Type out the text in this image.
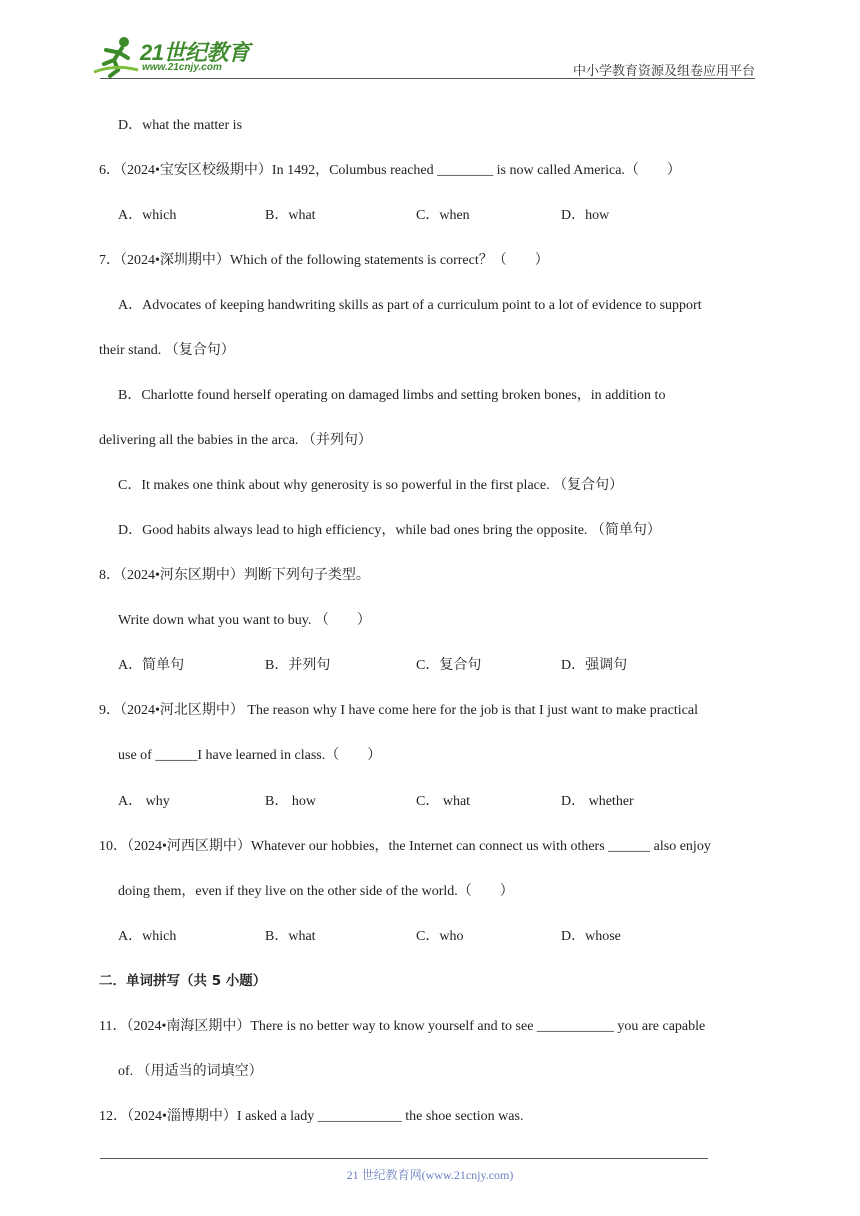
21世纪教育
www.21cnjy.com	中小学教育资源及组卷应用平台
D．what the matter is
6．（2024•宝安区校级期中）In 1492，Columbus reached ________ is now called America.（　　）
A．which	B．what	C．when	D．how
7．（2024•深圳期中）Which of the following statements is correct？（　　）
A．Advocates of keeping handwriting skills as part of a curriculum point to a lot of evidence to support
their stand. （复合句）
B．Charlotte found herself operating on damaged limbs and setting broken bones，in addition to
delivering all the babies in the arca. （并列句）
C．It makes one think about why generosity is so powerful in the first place. （复合句）
D．Good habits always lead to high efficiency，while bad ones bring the opposite. （简单句）
8．（2024•河东区期中）判断下列句子类型。
Write down what you want to buy. （　　）
A．简单句	B．并列句	C．复合句	D．强调句
9．（2024•河北区期中） The reason why I have come here for the job is that I just want to make practical
use of ______I have learned in class.（　　）
A． why	B． how	C． what	D． whether
10．（2024•河西区期中）Whatever our hobbies，the Internet can connect us with others ______ also enjoy
doing them，even if they live on the other side of the world.（　　）
A．which	B．what	C．who	D．whose
二．单词拼写（共 5 小题）
11．（2024•南海区期中）There is no better way to know yourself and to see ___________ you are capable
of. （用适当的词填空）
12．（2024•淄博期中）I asked a lady ____________ the shoe section was.
21 世纪教育网(www.21cnjy.com)
